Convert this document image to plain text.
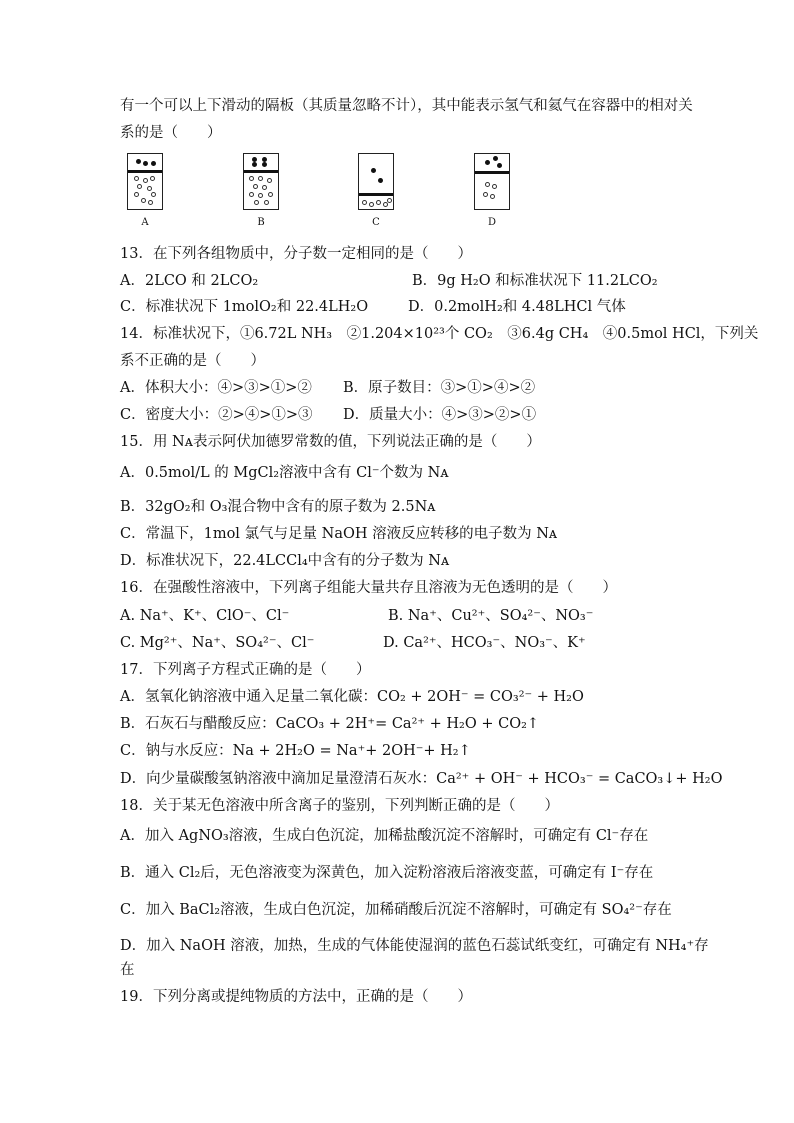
有一个可以上下滑动的隔板（其质量忽略不计），其中能表示氢气和氦气在容器中的相对关
系的是（　　）
A	B	C	D
13．在下列各组物质中，分子数一定相同的是（　　）
A．2LCO 和 2LCO₂	B．9g H₂O 和标准状况下 11.2LCO₂
C．标准状况下 1molO₂和 22.4LH₂O	D．0.2molH₂和 4.48LHCl 气体
14．标准状况下，①6.72L NH₃　②1.204×10²³个 CO₂　③6.4g CH₄　④0.5mol HCl，下列关
系不正确的是（　　）
A．体积大小：④>③>①>② B．原子数目：③>①>④>②
C．密度大小：②>④>①>③ D．质量大小：④>③>②>①
15．用 Nᴀ表示阿伏加德罗常数的值，下列说法正确的是（　　）
A．0.5mol/L 的 MgCl₂溶液中含有 Cl⁻个数为 Nᴀ
B．32gO₂和 O₃混合物中含有的原子数为 2.5Nᴀ
C．常温下，1mol 氯气与足量 NaOH 溶液反应转移的电子数为 Nᴀ
D．标准状况下，22.4LCCl₄中含有的分子数为 Nᴀ
16．在强酸性溶液中，下列离子组能大量共存且溶液为无色透明的是（　　）
A. Na⁺、K⁺、ClO⁻、Cl⁻	B. Na⁺、Cu²⁺、SO₄²⁻、NO₃⁻
C. Mg²⁺、Na⁺、SO₄²⁻、Cl⁻	D. Ca²⁺、HCO₃⁻、NO₃⁻、K⁺
17．下列离子方程式正确的是（　　）
A．氢氧化钠溶液中通入足量二氧化碳：CO₂ + 2OH⁻ = CO₃²⁻ + H₂O
B．石灰石与醋酸反应：CaCO₃ + 2H⁺= Ca²⁺ + H₂O + CO₂↑
C．钠与水反应：Na + 2H₂O = Na⁺+ 2OH⁻+ H₂↑
D．向少量碳酸氢钠溶液中滴加足量澄清石灰水：Ca²⁺ + OH⁻ + HCO₃⁻ = CaCO₃↓+ H₂O
18．关于某无色溶液中所含离子的鉴别，下列判断正确的是（　　）
A．加入 AgNO₃溶液，生成白色沉淀，加稀盐酸沉淀不溶解时，可确定有 Cl⁻存在
B．通入 Cl₂后，无色溶液变为深黄色，加入淀粉溶液后溶液变蓝，可确定有 I⁻存在
C．加入 BaCl₂溶液，生成白色沉淀，加稀硝酸后沉淀不溶解时，可确定有 SO₄²⁻存在
D．加入 NaOH 溶液，加热，生成的气体能使湿润的蓝色石蕊试纸变红，可确定有 NH₄⁺存
在
19．下列分离或提纯物质的方法中，正确的是（　　）
